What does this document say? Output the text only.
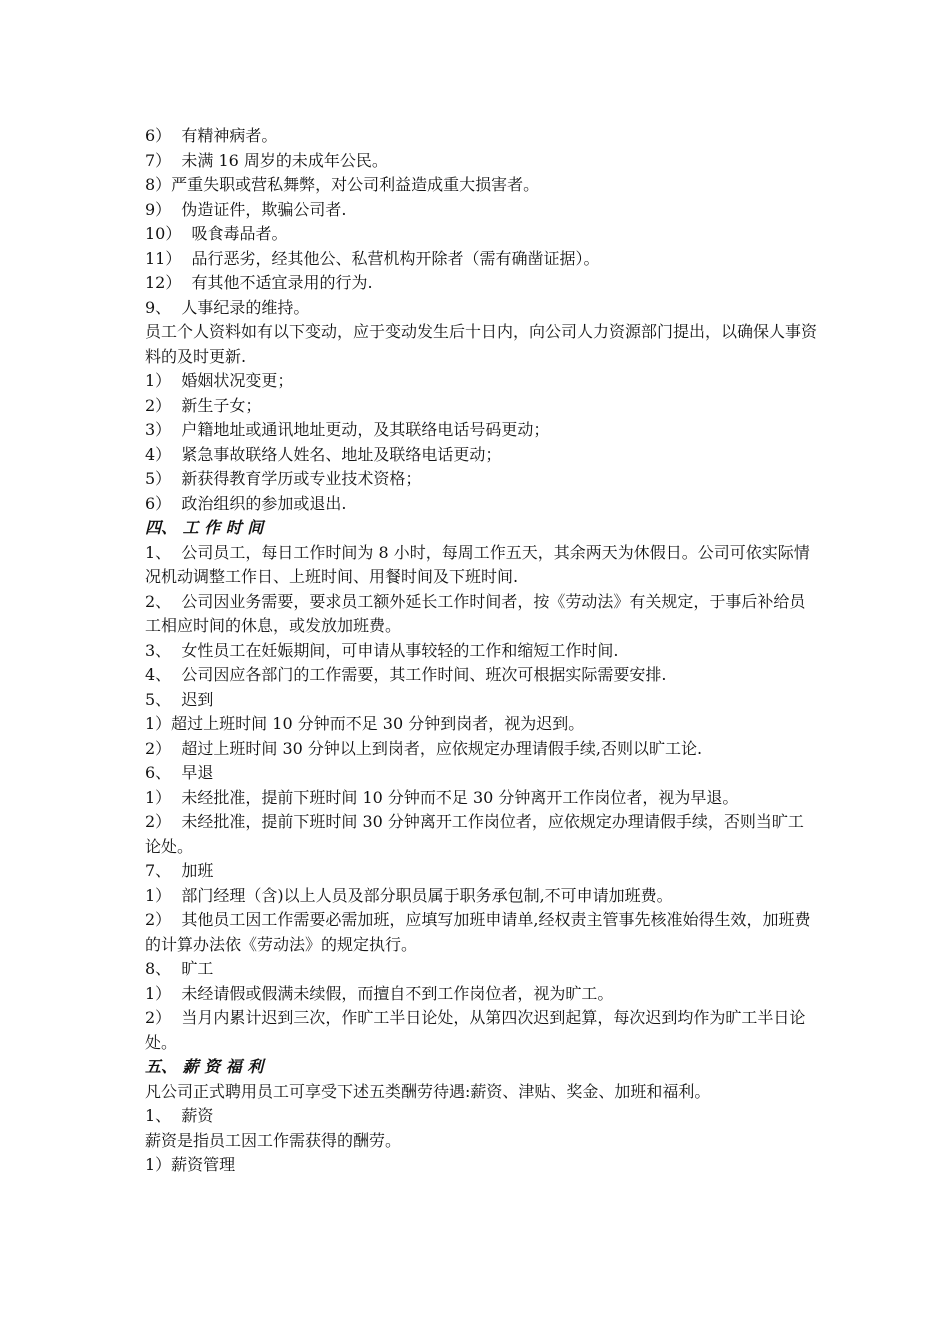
6）  有精神病者。
7）  未满 16 周岁的未成年公民。
8）严重失职或营私舞弊，对公司利益造成重大损害者。
9）  伪造证件，欺骗公司者.
10）  吸食毒品者。
11）  品行恶劣，经其他公、私营机构开除者（需有确凿证据）。
12）  有其他不适宜录用的行为.
9、  人事纪录的维持。
员工个人资料如有以下变动，应于变动发生后十日内，向公司人力资源部门提出，以确保人事资料的及时更新.
1）  婚姻状况变更；
2）  新生子女；
3）  户籍地址或通讯地址更动，及其联络电话号码更动；
4）  紧急事故联络人姓名、地址及联络电话更动；
5）  新获得教育学历或专业技术资格；
6）  政治组织的参加或退出.
四、 工 作 时 间
1、  公司员工，每日工作时间为 8 小时，每周工作五天，其余两天为休假日。公司可依实际情况机动调整工作日、上班时间、用餐时间及下班时间.
2、  公司因业务需要，要求员工额外延长工作时间者，按《劳动法》有关规定，于事后补给员工相应时间的休息，或发放加班费。
3、  女性员工在妊娠期间，可申请从事较轻的工作和缩短工作时间.
4、  公司因应各部门的工作需要，其工作时间、班次可根据实际需要安排.
5、  迟到
1）超过上班时间 10 分钟而不足 30 分钟到岗者，视为迟到。
2）  超过上班时间 30 分钟以上到岗者，应依规定办理请假手续,否则以旷工论.
6、  早退
1）  未经批准，提前下班时间 10 分钟而不足 30 分钟离开工作岗位者，视为早退。
2）  未经批准，提前下班时间 30 分钟离开工作岗位者，应依规定办理请假手续，否则当旷工论处。
7、  加班
1）  部门经理（含)以上人员及部分职员属于职务承包制,不可申请加班费。
2）  其他员工因工作需要必需加班，应填写加班申请单,经权责主管事先核准始得生效，加班费的计算办法依《劳动法》的规定执行。
8、  旷工
1）  未经请假或假满未续假，而擅自不到工作岗位者，视为旷工。
2）  当月内累计迟到三次，作旷工半日论处，从第四次迟到起算，每次迟到均作为旷工半日论处。
五、 薪 资 福 利
凡公司正式聘用员工可享受下述五类酬劳待遇:薪资、津贴、奖金、加班和福利。
1、  薪资
薪资是指员工因工作需获得的酬劳。
1）薪资管理
